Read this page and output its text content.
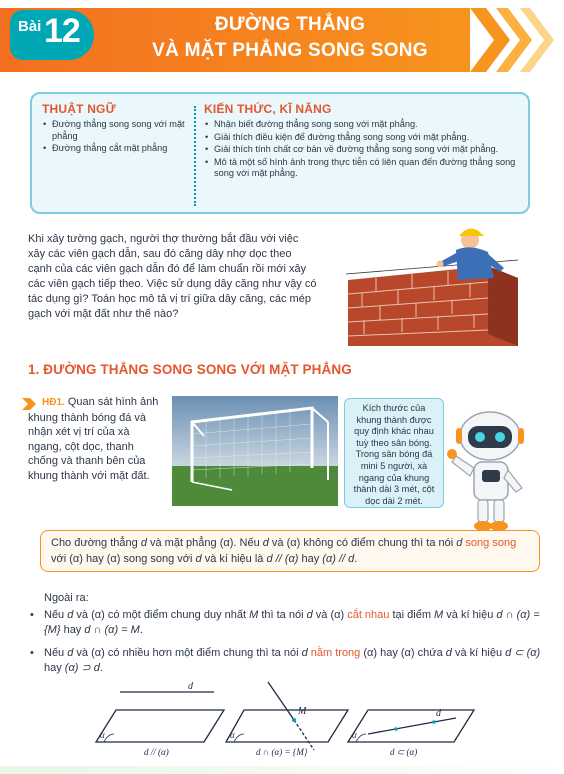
Bài 12	ĐƯỜNG THẲNG
VÀ MẶT PHẲNG SONG SONG
THUẬT NGỮ
• Đường thẳng song song với mặt phẳng
• Đường thẳng cắt mặt phẳng
KIẾN THỨC, KĨ NĂNG
• Nhận biết đường thẳng song song với mặt phẳng.
• Giải thích điều kiện để đường thẳng song song với mặt phẳng.
• Giải thích tính chất cơ bản về đường thẳng song song với mặt phẳng.
• Mô tả một số hình ảnh trong thực tiễn có liên quan đến đường thẳng song song với mặt phẳng.

Khi xây tường gạch, người thợ thường bắt đầu với việc xây các viên gạch dẫn, sau đó căng dây nhợ dọc theo cạnh của các viên gạch dẫn đó để làm chuẩn rồi mới xây các viên gạch tiếp theo. Việc sử dụng dây căng như vậy có tác dụng gì? Toán học mô tả vị trí giữa dây căng, các mép gạch với mặt đất như thế nào?

1. ĐƯỜNG THẲNG SONG SONG VỚI MẶT PHẲNG
HĐ1. Quan sát hình ảnh khung thành bóng đá và nhận xét vị trí của xà ngang, cột dọc, thanh chống và thanh bên của khung thành với mặt đất.
Kích thước của khung thành được quy định khác nhau tuỳ theo sân bóng. Trong sân bóng đá mini 5 người, xà ngang của khung thành dài 3 mét, cột dọc dài 2 mét.
Cho đường thẳng d và mặt phẳng (α). Nếu d và (α) không có điểm chung thì ta nói d song song với (α) hay (α) song song với d và kí hiệu là d // (α) hay (α) // d.
Ngoài ra:
• Nếu d và (α) có một điểm chung duy nhất M thì ta nói d và (α) cắt nhau tại điểm M và kí hiệu d ∩ (α) = {M} hay d ∩ (α) = M.
• Nếu d và (α) có nhiều hơn một điểm chung thì ta nói d nằm trong (α) hay (α) chứa d và kí hiệu d ⊂ (α) hay (α) ⊃ d.
d
α
d // (α)
M
α
d ∩ (α) = {M}
d
α
d ⊂ (α)
